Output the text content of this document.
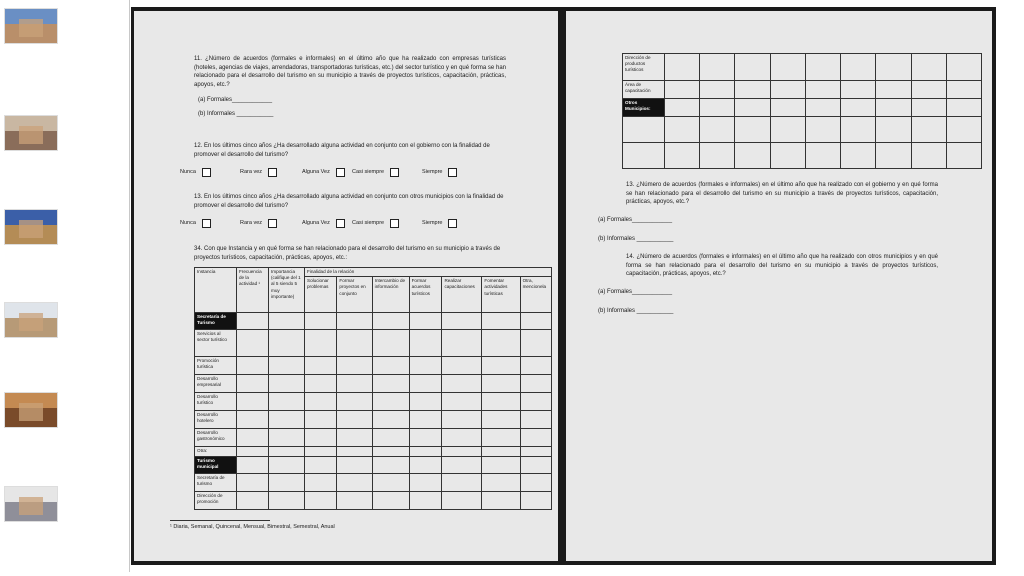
11. ¿Número de acuerdos (formales e informales) en el último año que ha realizado con empresas turísticas (hoteles, agencias de viajes, arrendadoras, transportadoras turísticas, etc.) del sector turístico y en qué forma se han relacionado para el desarrollo del turismo en su municipio a través de proyectos turísticos, capacitación, prácticas, apoyos, etc.?

(a) Formales____________

(b) Informales ___________

12. En los últimos cinco años ¿Ha desarrollado alguna actividad en conjunto con el gobierno con la finalidad de promover el desarrollo del turismo?

Nunca	Rara vez	Alguna Vez	Casi siempre	Siempre

13. En los últimos cinco años ¿Ha desarrollado alguna actividad en conjunto con otros municipios con la finalidad de promover el desarrollo del turismo?

Nunca	Rara vez	Alguna Vez	Casi siempre	Siempre

34. Con que Instancia y en qué forma se han relacionado para el desarrollo del turismo en su municipio a través de proyectos turísticos, capacitación, prácticas, apoyos, etc.:

Instancia	Frecuencia de la actividad ¹	Importancia (califique del 1 al 5 siendo 5 muy importante)	Finalidad de la relación						
			Solucionar problemas	Formar proyectos en conjunto	Intercambio de información	Formar acuerdos turísticos	Realizar capacitaciones	Fomentar actividades turísticas	Otra, mencionela
Secretaría de Turismo									
Servicios al sector turístico									
Promoción turística									
Desarrollo empresarial									
Desarrollo turístico									
Desarrollo hotelero									
Desarrollo gastronómico									
Otra:									
Turismo municipal									
Secretaría de turismo									
Dirección de promoción									
¹ Diaria, Semanal, Quincenal, Mensual, Bimestral, Semestral, Anual
Dirección de productos turísticos									
Área de capacitación									
Otros Municipios:									

13. ¿Número de acuerdos (formales e informales) en el último año que ha realizado con el gobierno y en qué forma se han relacionado para el desarrollo del turismo en su municipio a través de proyectos turísticos, capacitación, prácticas, apoyos, etc.?

(a) Formales____________
(b) Informales ___________

14. ¿Número de acuerdos (formales e informales) en el último año que ha realizado con otros municipios y en qué forma se han relacionado para el desarrollo del turismo en su municipio a través de proyectos turísticos, capacitación, prácticas, apoyos, etc.?

(a) Formales____________
(b) Informales ___________
